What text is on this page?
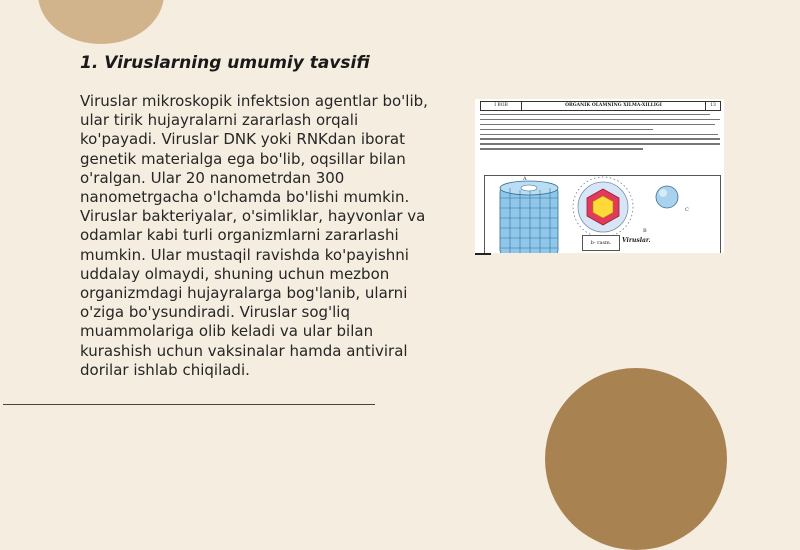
1. Viruslarning umumiy tavsifi

Viruslar mikroskopik infektsion agentlar bo'lib, ular tirik hujayralarni zararlash orqali ko'payadi. Viruslar DNK yoki RNKdan iborat genetik materialga ega bo'lib, oqsillar bilan o'ralgan. Ular 20 nanometrdan 300 nanometrgacha o'lchamda bo'lishi mumkin. Viruslar bakteriyalar, o'simliklar, hayvonlar va odamlar kabi turli organizmlarni zararlashi mumkin. Ular mustaqil ravishda ko'payishni uddalay olmaydi, shuning uchun mezbon organizmdagi hujayralarga bog'lanib, ularni o'ziga bo'ysundiradi. Viruslar sog'liq muammolariga olib keladi va ular bilan kurashish uchun vaksinalar hamda antiviral dorilar ishlab chiqiladi.

I BOB	ORGANIK OLAMNING XILMA-XILLIGI	13
A
B
C
b- rasm.	Viruslar.
